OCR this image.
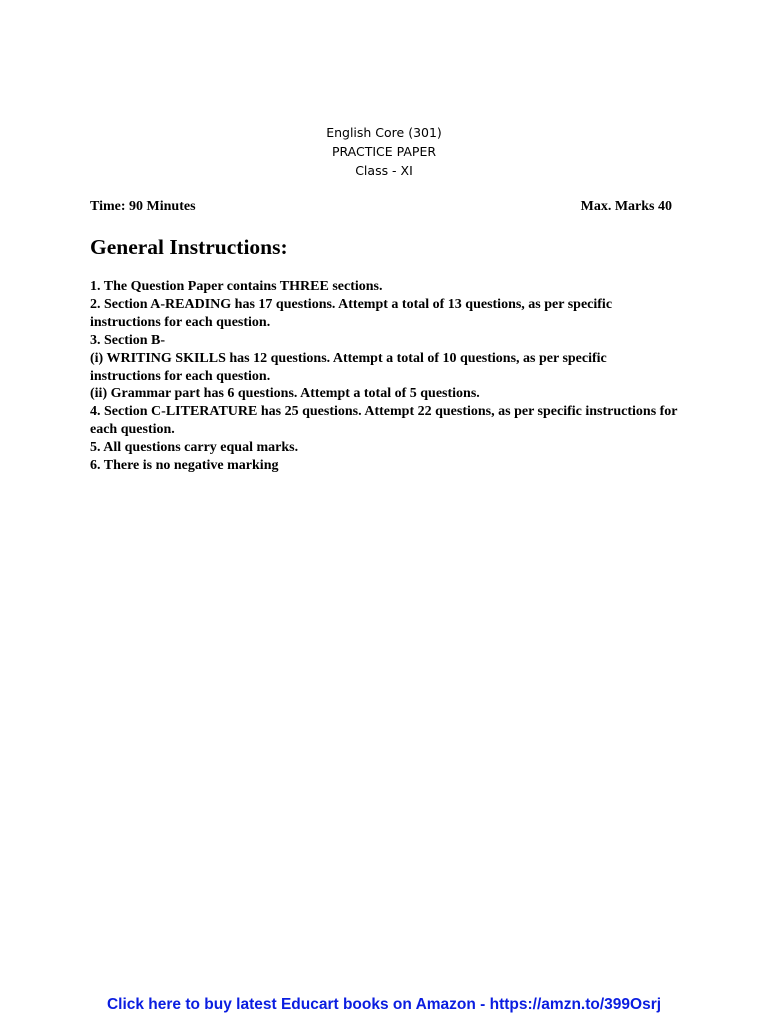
English Core (301)
PRACTICE PAPER
Class - XI
Time: 90 Minutes	Max. Marks 40
General Instructions:
1. The Question Paper contains THREE sections.
2. Section A-READING has 17 questions. Attempt a total of 13 questions, as per specific instructions for each question.
3. Section B-
(i) WRITING SKILLS has 12 questions. Attempt a total of 10 questions, as per specific instructions for each question.
(ii) Grammar part has 6 questions. Attempt a total of 5 questions.
4. Section C-LITERATURE has 25 questions. Attempt 22 questions, as per specific instructions for each question.
5. All questions carry equal marks.
6. There is no negative marking
Click here to buy latest Educart books on Amazon - https://amzn.to/399Osrj
